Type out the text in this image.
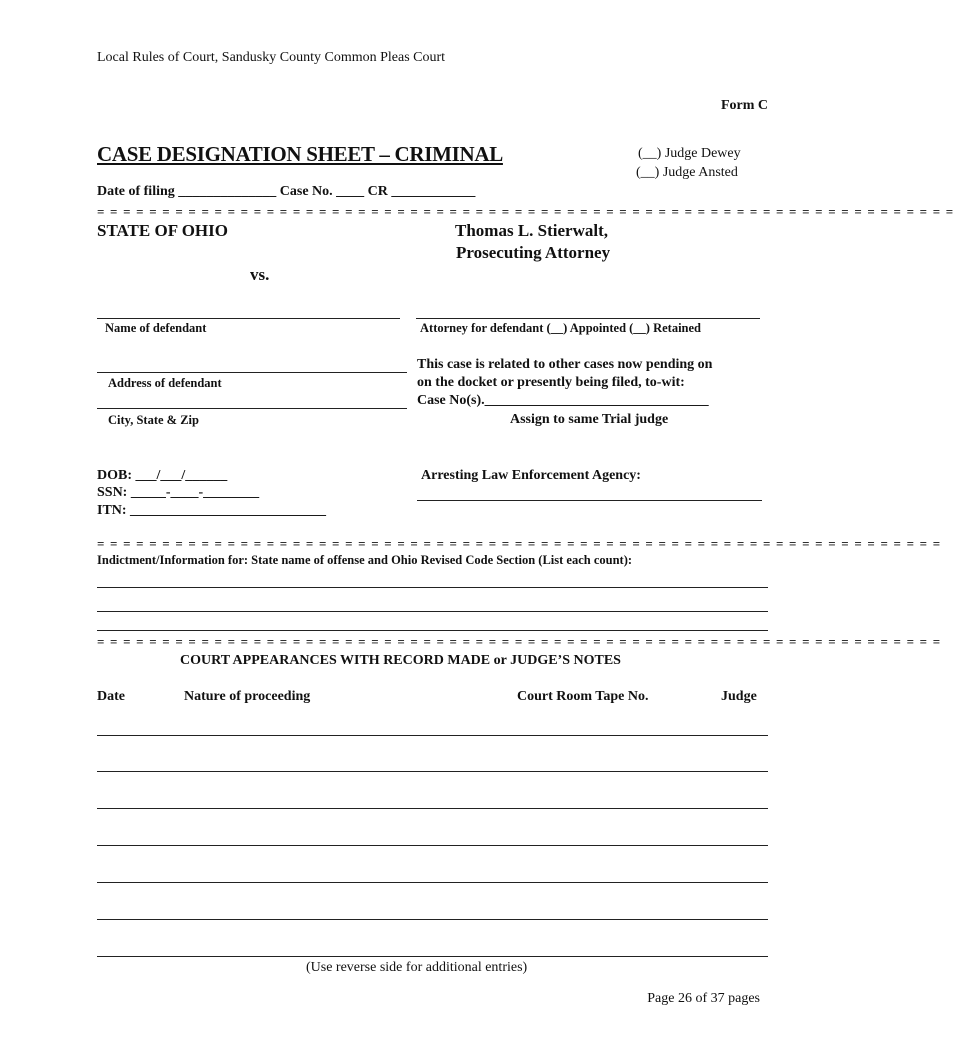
Local Rules of Court, Sandusky County Common Pleas Court
Form C
CASE DESIGNATION SHEET – CRIMINAL	(__) Judge Dewey
(__) Judge Ansted
Date of filing ______________ Case No. ____ CR ____________
= = = = = = = = = = = = = = = = = = = = = = = = = = = = = = = = = = = = = = = = = = = = = = = = = = = = = = = = = = = = = = = = = =
STATE OF OHIO	Thomas L. Stierwalt,
Prosecuting Attorney
vs.
Name of defendant	Attorney for defendant (__) Appointed (__) Retained
This case is related to other cases now pending on
Address of defendant	on the docket or presently being filed, to-wit:
Case No(s).________________________________
City, State & Zip	Assign to same Trial judge
DOB: ___/___/______
SSN: _____-____-________
ITN: ____________________________
Arresting Law Enforcement Agency:
= = = = = = = = = = = = = = = = = = = = = = = = = = = = = = = = = = = = = = = = = = = = = = = = = = = = = = = = = = = = = = = = =
Indictment/Information for: State name of offense and Ohio Revised Code Section (List each count):
= = = = = = = = = = = = = = = = = = = = = = = = = = = = = = = = = = = = = = = = = = = = = = = = = = = = = = = = = = = = = = = = =
COURT APPEARANCES WITH RECORD MADE or JUDGE’S NOTES
Date	Nature of proceeding	Court Room Tape No.	Judge
(Use reverse side for additional entries)
Page 26 of 37 pages
